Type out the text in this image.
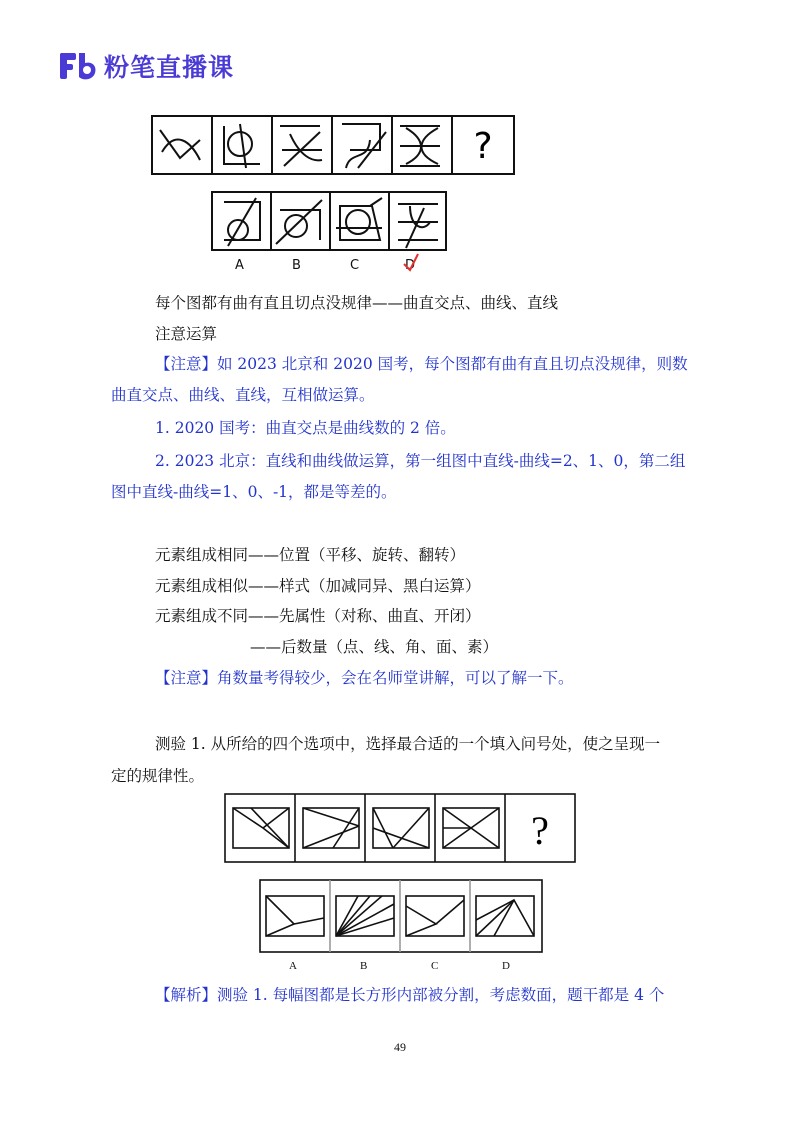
粉笔直播课
?
A	B	C	D
每个图都有曲有直且切点没规律——曲直交点、曲线、直线
注意运算
【注意】如 2023 北京和 2020 国考，每个图都有曲有直且切点没规律，则数
曲直交点、曲线、直线，互相做运算。
1. 2020 国考：曲直交点是曲线数的 2 倍。
2. 2023 北京：直线和曲线做运算，第一组图中直线-曲线=2、1、0，第二组
图中直线-曲线=1、0、-1，都是等差的。
元素组成相同——位置（平移、旋转、翻转）
元素组成相似——样式（加减同异、黑白运算）
元素组成不同——先属性（对称、曲直、开闭）
——后数量（点、线、角、面、素）
【注意】角数量考得较少，会在名师堂讲解，可以了解一下。
测验 1. 从所给的四个选项中，选择最合适的一个填入问号处，使之呈现一
定的规律性。
?
A	B	C	D
【解析】测验 1. 每幅图都是长方形内部被分割，考虑数面，题干都是 4 个
49
